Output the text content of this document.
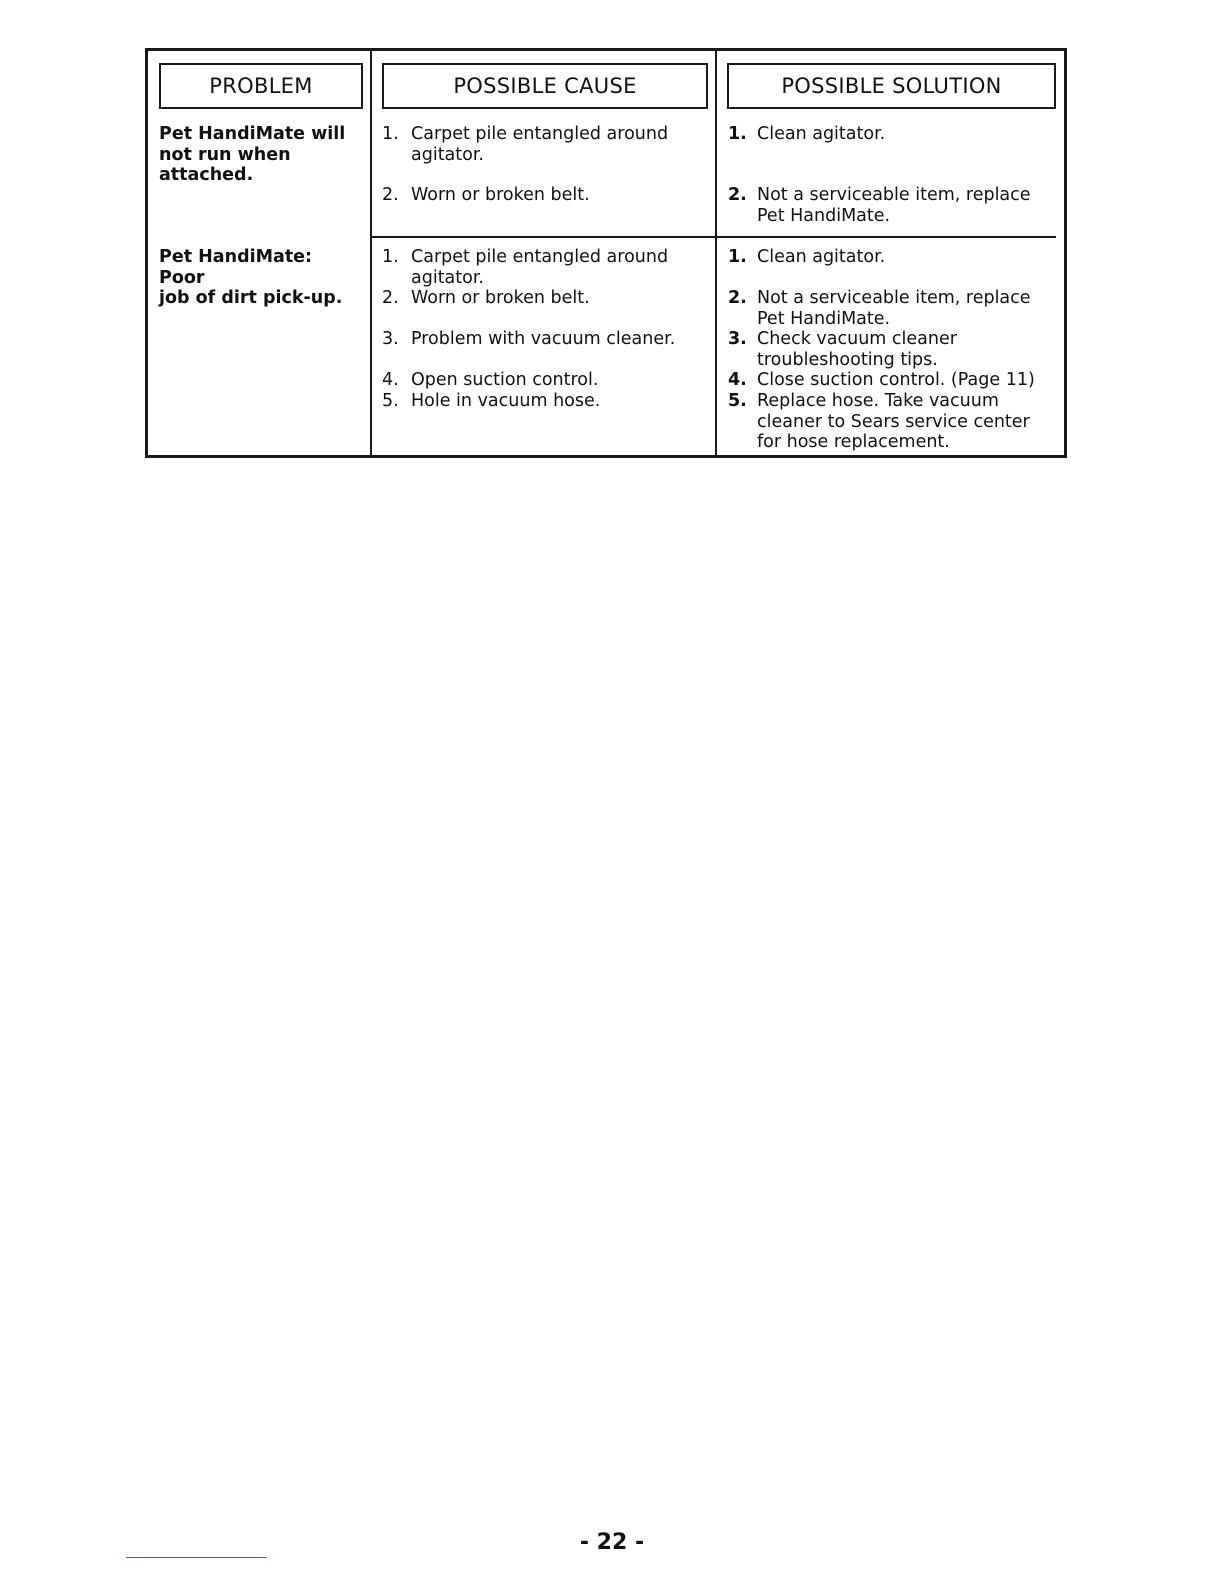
PROBLEM	POSSIBLE CAUSE	POSSIBLE SOLUTION
Pet HandiMate will
not run when
attached.
1. Carpet pile entangled around
agitator.
2. Worn or broken belt.
1. Clean agitator.
2. Not a serviceable item, replace
Pet HandiMate.
Pet HandiMate: Poor
job of dirt pick-up.
1. Carpet pile entangled around
agitator.
2. Worn or broken belt.
3. Problem with vacuum cleaner.
4. Open suction control.
5. Hole in vacuum hose.
1. Clean agitator.
2. Not a serviceable item, replace
Pet HandiMate.
3. Check vacuum cleaner
troubleshooting tips.
4. Close suction control. (Page 11)
5. Replace hose. Take vacuum
cleaner to Sears service center
for hose replacement.
- 22 -
